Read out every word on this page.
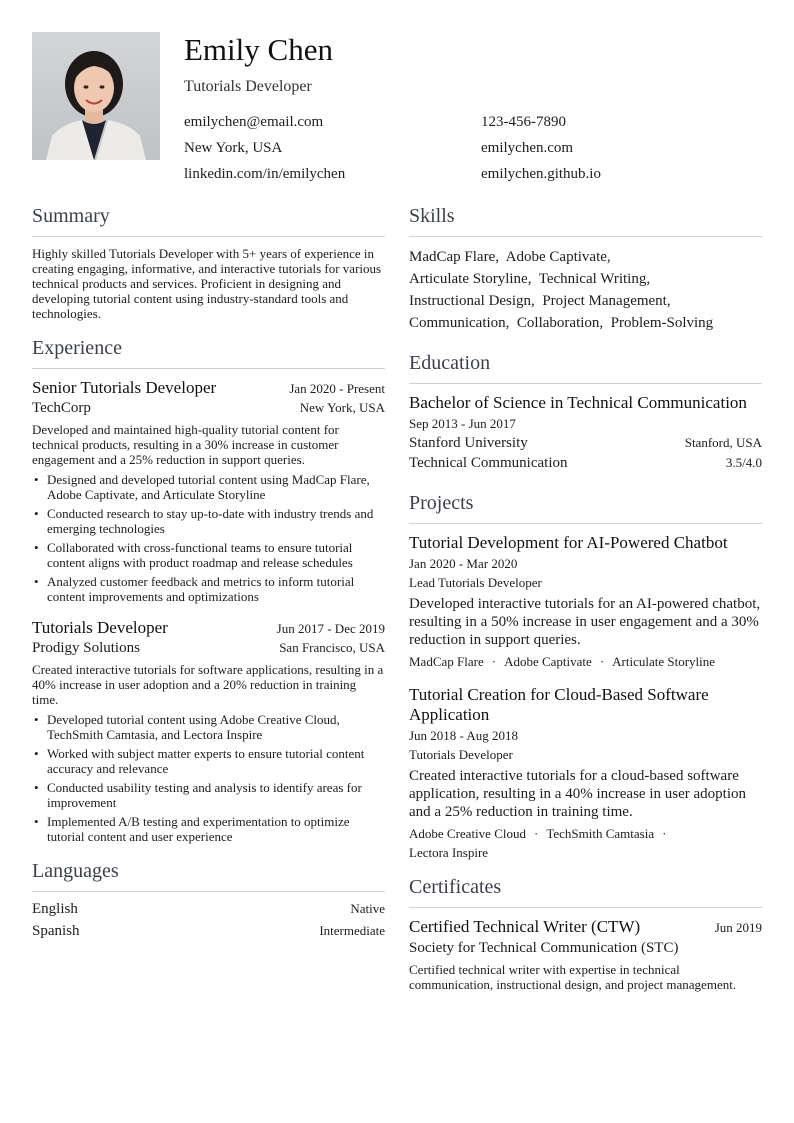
Emily Chen
Tutorials Developer
emilychen@email.com	123-456-7890
New York, USA	emilychen.com
linkedin.com/in/emilychen	emilychen.github.io
Summary
Highly skilled Tutorials Developer with 5+ years of experience in creating engaging, informative, and interactive tutorials for various technical products and services. Proficient in designing and developing tutorial content using industry-standard tools and technologies.
Experience
Senior Tutorials Developer	Jan 2020 - Present
TechCorp	New York, USA
Developed and maintained high-quality tutorial content for technical products, resulting in a 30% increase in customer engagement and a 25% reduction in support queries.
• Designed and developed tutorial content using MadCap Flare, Adobe Captivate, and Articulate Storyline
• Conducted research to stay up-to-date with industry trends and emerging technologies
• Collaborated with cross-functional teams to ensure tutorial content aligns with product roadmap and release schedules
• Analyzed customer feedback and metrics to inform tutorial content improvements and optimizations
Tutorials Developer	Jun 2017 - Dec 2019
Prodigy Solutions	San Francisco, USA
Created interactive tutorials for software applications, resulting in a 40% increase in user adoption and a 20% reduction in training time.
• Developed tutorial content using Adobe Creative Cloud, TechSmith Camtasia, and Lectora Inspire
• Worked with subject matter experts to ensure tutorial content accuracy and relevance
• Conducted usability testing and analysis to identify areas for improvement
• Implemented A/B testing and experimentation to optimize tutorial content and user experience
Languages
English	Native
Spanish	Intermediate
Skills
MadCap Flare, Adobe Captivate,
Articulate Storyline, Technical Writing,
Instructional Design, Project Management,
Communication, Collaboration, Problem-Solving
Education
Bachelor of Science in Technical Communication
Sep 2013 - Jun 2017
Stanford University	Stanford, USA
Technical Communication	3.5/4.0
Projects
Tutorial Development for AI-Powered Chatbot
Jan 2020 - Mar 2020
Lead Tutorials Developer
Developed interactive tutorials for an AI-powered chatbot, resulting in a 50% increase in user engagement and a 30% reduction in support queries.
MadCap Flare · Adobe Captivate · Articulate Storyline
Tutorial Creation for Cloud-Based Software Application
Jun 2018 - Aug 2018
Tutorials Developer
Created interactive tutorials for a cloud-based software application, resulting in a 40% increase in user adoption and a 25% reduction in training time.
Adobe Creative Cloud · TechSmith Camtasia ·
Lectora Inspire
Certificates
Certified Technical Writer (CTW)	Jun 2019
Society for Technical Communication (STC)
Certified technical writer with expertise in technical communication, instructional design, and project management.
